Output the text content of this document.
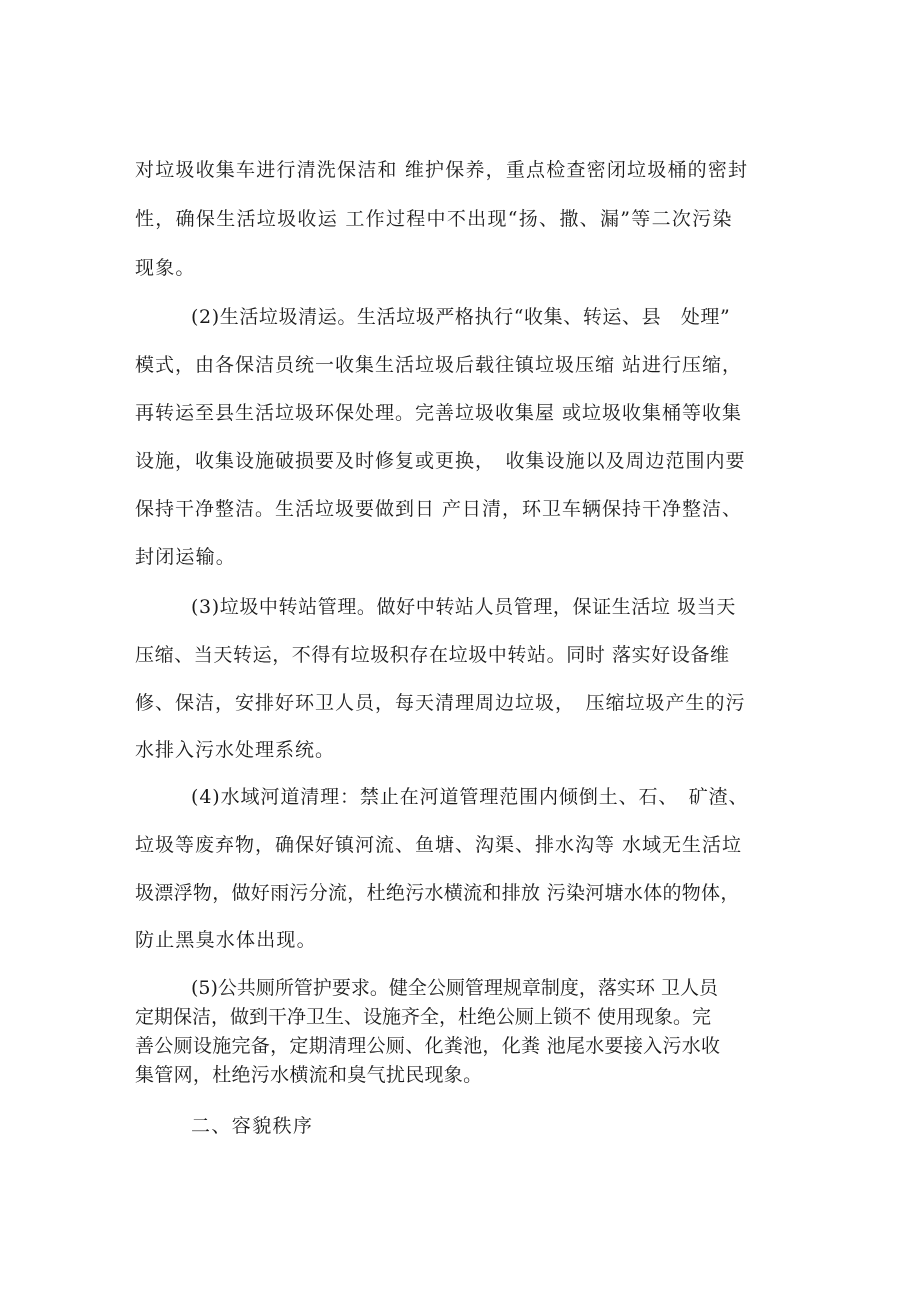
对垃圾收集车进行清洗保洁和 维护保养，重点检查密闭垃圾桶的密封

性，确保生活垃圾收运 工作过程中不出现“扬、撒、漏”等二次污染

现象。

(2)生活垃圾清运。生活垃圾严格执行“收集、转运、县　处理”

模式，由各保洁员统一收集生活垃圾后载往镇垃圾压缩 站进行压缩，

再转运至县生活垃圾环保处理。完善垃圾收集屋 或垃圾收集桶等收集

设施，收集设施破损要及时修复或更换，　收集设施以及周边范围内要

保持干净整洁。生活垃圾要做到日 产日清，环卫车辆保持干净整洁、

封闭运输。

(3)垃圾中转站管理。做好中转站人员管理，保证生活垃 圾当天

压缩、当天转运，不得有垃圾积存在垃圾中转站。同时 落实好设备维

修、保洁，安排好环卫人员，每天清理周边垃圾，　压缩垃圾产生的污

水排入污水处理系统。

(4)水域河道清理：禁止在河道管理范围内倾倒土、石、　矿渣、

垃圾等废弃物，确保好镇河流、鱼塘、沟渠、排水沟等 水域无生活垃

圾漂浮物，做好雨污分流，杜绝污水横流和排放 污染河塘水体的物体，

防止黑臭水体出现。

(5)公共厕所管护要求。健全公厕管理规章制度，落实环 卫人员

定期保洁，做到干净卫生、设施齐全，杜绝公厕上锁不 使用现象。完

善公厕设施完备，定期清理公厕、化粪池，化粪 池尾水要接入污水收

集管网，杜绝污水横流和臭气扰民现象。

二、容貌秩序
